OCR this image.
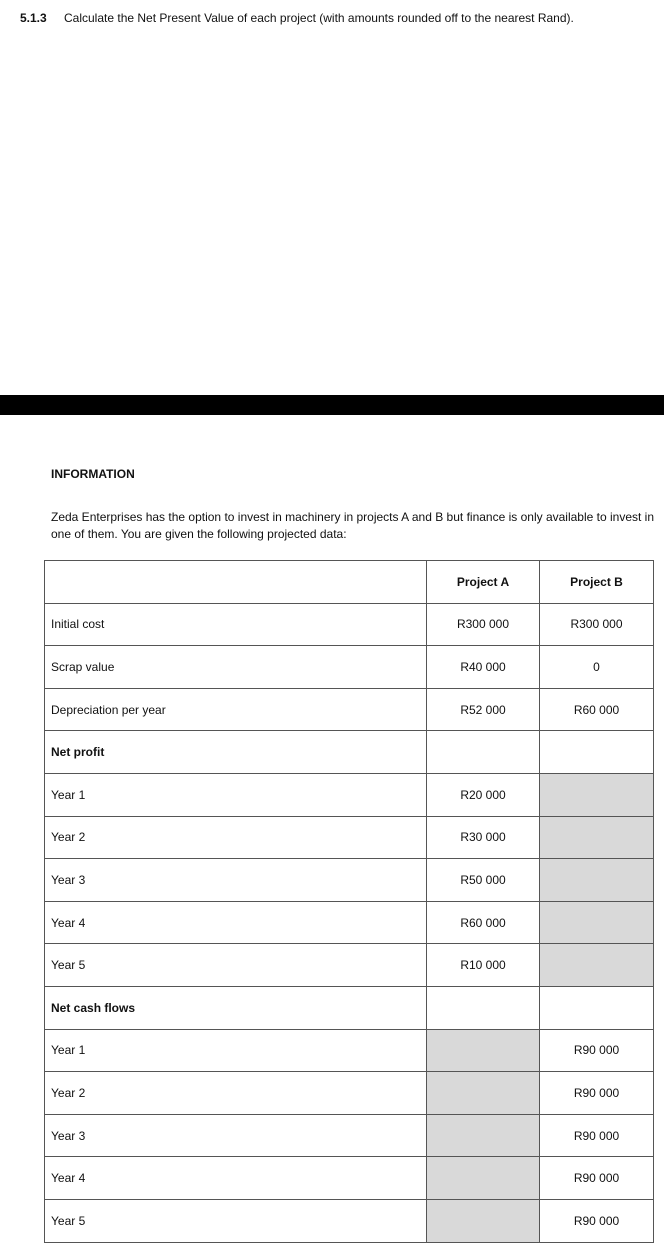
5.1.3 Calculate the Net Present Value of each project (with amounts rounded off to the nearest Rand).
INFORMATION
Zeda Enterprises has the option to invest in machinery in projects A and B but finance is only available to invest in one of them. You are given the following projected data:
	Project A	Project B
Initial cost	R300 000	R300 000
Scrap value	R40 000	0
Depreciation per year	R52 000	R60 000
Net profit		
Year 1	R20 000	
Year 2	R30 000	
Year 3	R50 000	
Year 4	R60 000	
Year 5	R10 000	
Net cash flows		
Year 1		R90 000
Year 2		R90 000
Year 3		R90 000
Year 4		R90 000
Year 5		R90 000
